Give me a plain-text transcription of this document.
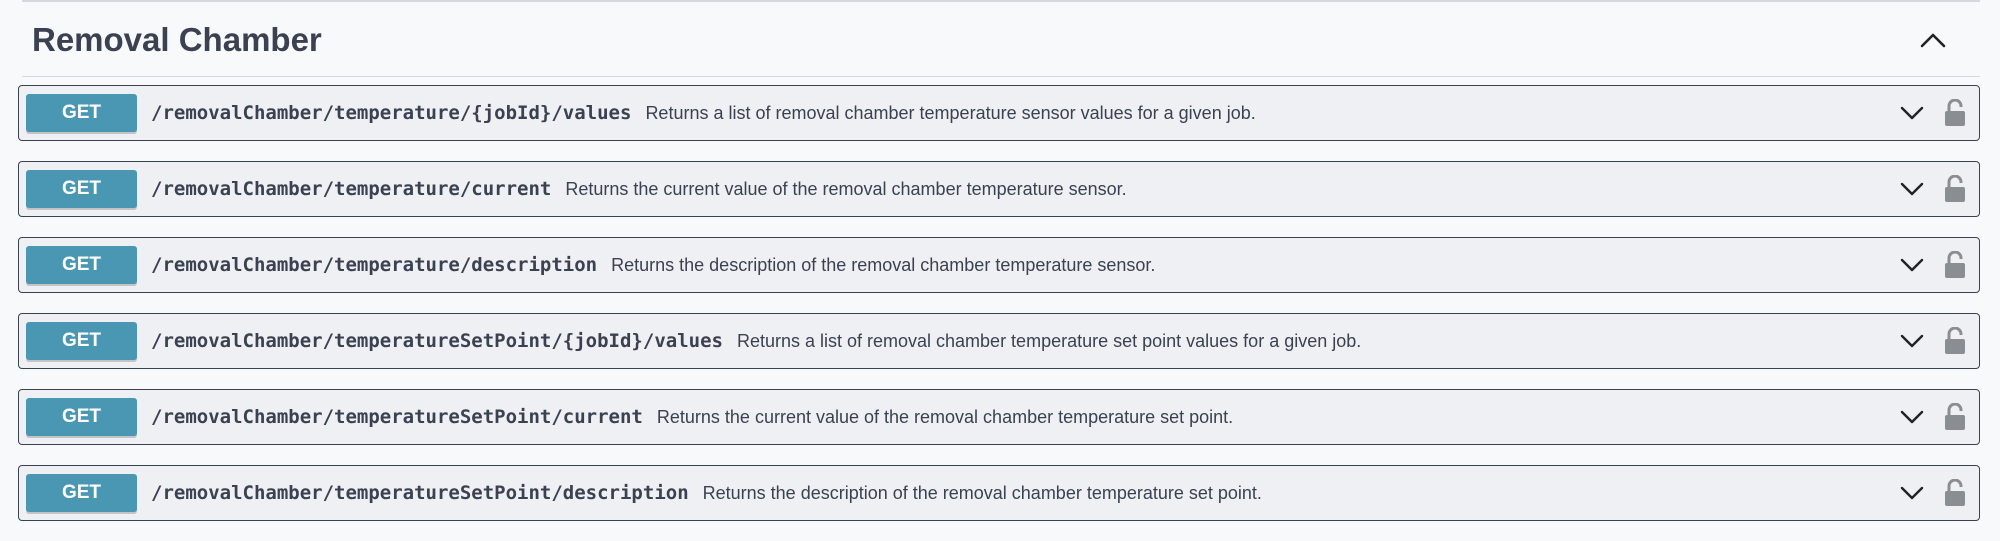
Removal Chamber
GET	/removalChamber/temperature/{jobId}/values Returns a list of removal chamber temperature sensor values for a given job.
GET	/removalChamber/temperature/current Returns the current value of the removal chamber temperature sensor.
GET	/removalChamber/temperature/description Returns the description of the removal chamber temperature sensor.
GET	/removalChamber/temperatureSetPoint/{jobId}/values Returns a list of removal chamber temperature set point values for a given job.
GET	/removalChamber/temperatureSetPoint/current Returns the current value of the removal chamber temperature set point.
GET	/removalChamber/temperatureSetPoint/description Returns the description of the removal chamber temperature set point.
